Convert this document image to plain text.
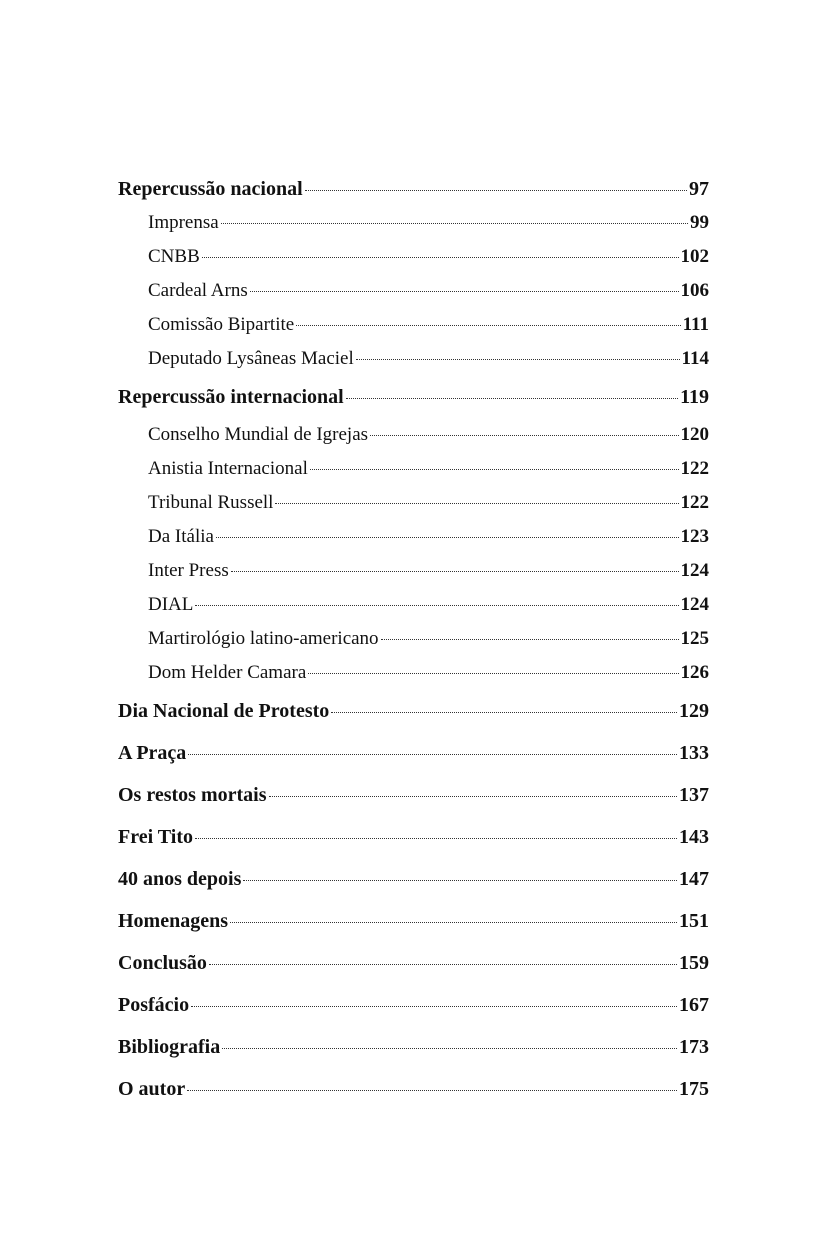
Repercussão nacional	97
Imprensa	99
CNBB	102
Cardeal Arns	106
Comissão Bipartite	111
Deputado Lysâneas Maciel	114
Repercussão internacional	119
Conselho Mundial de Igrejas	120
Anistia Internacional	122
Tribunal Russell	122
Da Itália	123
Inter Press	124
DIAL	124
Martirológio latino-americano	125
Dom Helder Camara	126
Dia Nacional de Protesto	129
A Praça	133
Os restos mortais	137
Frei Tito	143
40 anos depois	147
Homenagens	151
Conclusão	159
Posfácio	167
Bibliografia	173
O autor	175
